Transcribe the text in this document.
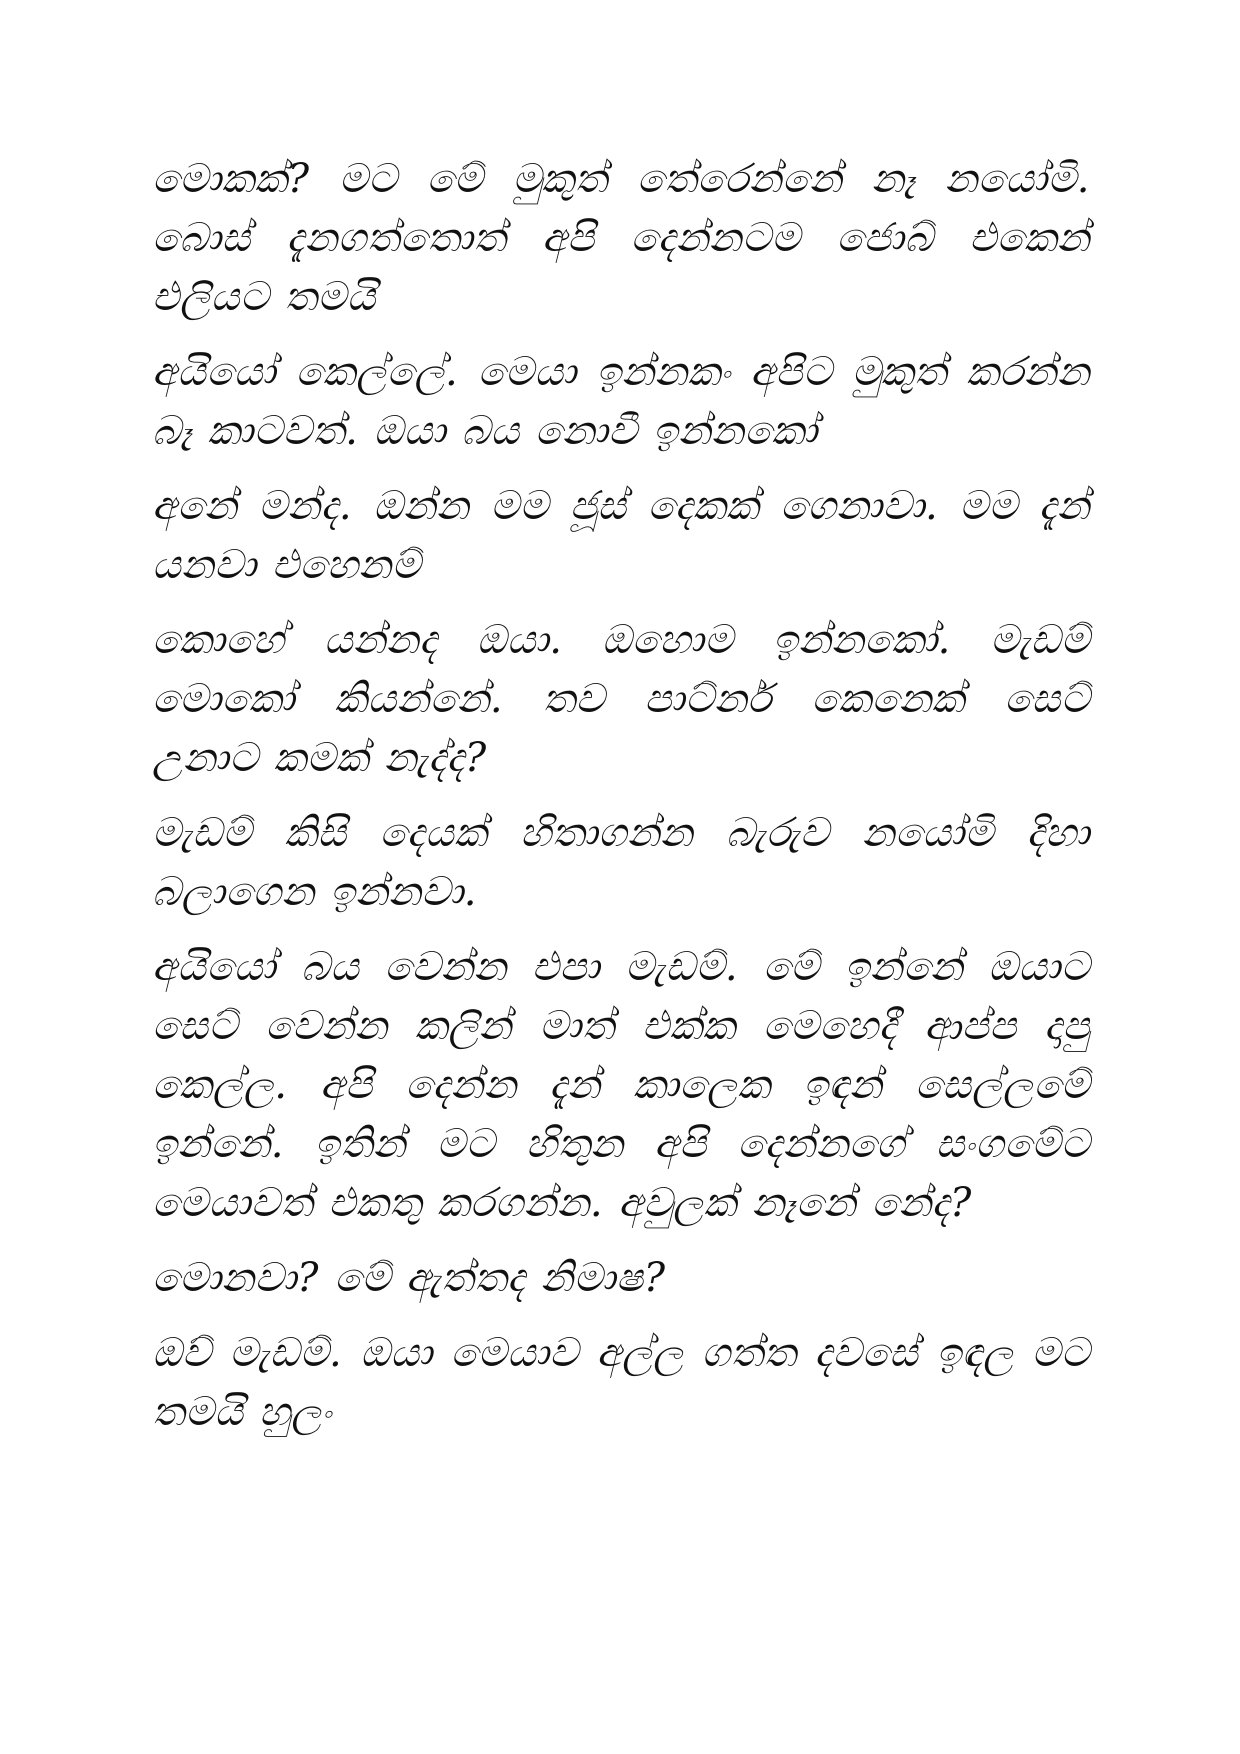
මොකක්? මට මේ මුකුත් තේරෙන්නේ නෑ නයෝමි. බොස් දැනගත්තොත් අපි දෙන්නටම ජොබ් එකෙන් එලියට තමයි

අයියෝ කෙල්ලේ. මෙයා ඉන්නකං අපිට මුකුත් කරන්න බෑ කාටවත්. ඔයා බය නොවී ඉන්නකෝ

අනේ මන්ද. ඔන්න මම ජූස් දෙකක් ගෙනාවා. මම දැන් යනවා එහෙනම්

කොහේ යන්නද ඔයා. ඔහොම ඉන්නකෝ. මැඩම් මොකෝ කියන්නේ. තව පාට්නර් කෙනෙක් සෙට් උනාට කමක් නැද්ද?

මැඩම් කිසි දෙයක් හිතාගන්න බැරුව නයෝමි දිහා බලාගෙන ඉන්නවා.

අයියෝ බය වෙන්න එපා මැඩම්. මේ ඉන්නේ ඔයාට සෙට් වෙන්න කලින් මාත් එක්ක මෙහෙදී ආප්ප දාපු කෙල්ල. අපි දෙන්න දැන් කාලෙක ඉඳන් සෙල්ලමේ ඉන්නේ. ඉතින් මට හිතුන අපි දෙන්නගේ සංගමේට මෙයාවත් එකතු කරගන්න. අවුලක් නෑනේ නේද?

මොනවා? මේ ඇත්තද නිමාෂ?

ඔව් මැඩම්. ඔයා මෙයාව අල්ල ගත්ත දවසේ ඉඳල මට තමයි හුලං
